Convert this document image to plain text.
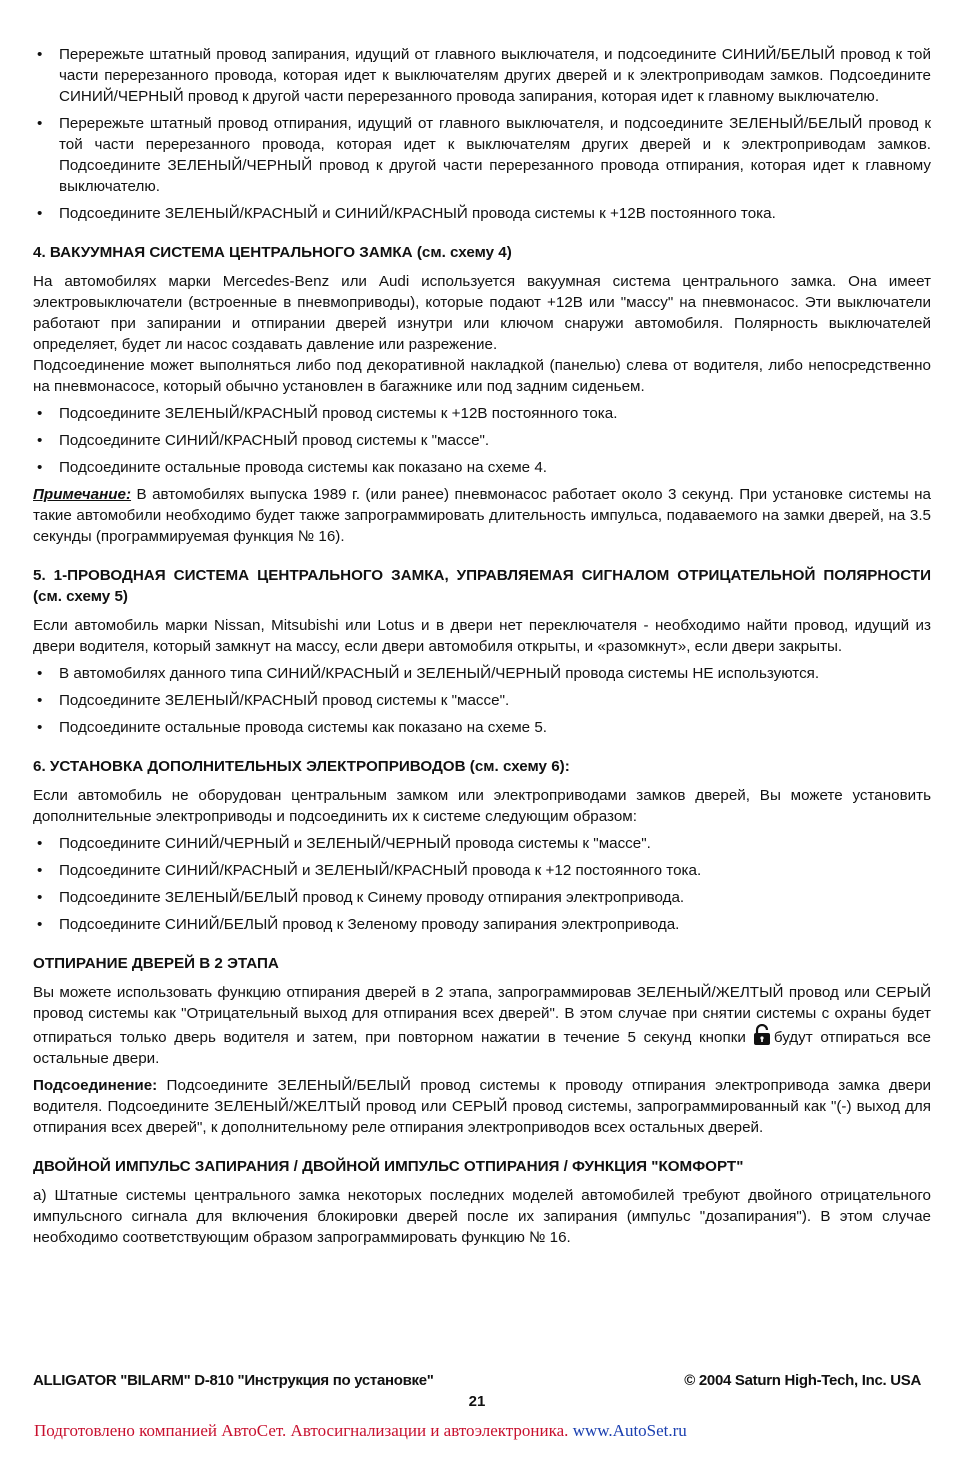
• Перережьте штатный провод запирания, идущий от главного выключателя, и подсоедините СИНИЙ/БЕЛЫЙ провод к той части перерезанного провода, которая идет к выключателям других дверей и к электроприводам замков. Подсоедините СИНИЙ/ЧЕРНЫЙ провод к другой части перерезанного провода запирания, которая идет к главному выключателю.
• Перережьте штатный провод отпирания, идущий от главного выключателя, и подсоедините ЗЕЛЕНЫЙ/БЕЛЫЙ провод к той части перерезанного провода, которая идет к выключателям других дверей и к электроприводам замков. Подсоедините ЗЕЛЕНЫЙ/ЧЕРНЫЙ провод к другой части перерезанного провода отпирания, которая идет к главному выключателю.
• Подсоедините ЗЕЛЕНЫЙ/КРАСНЫЙ и СИНИЙ/КРАСНЫЙ провода системы к +12В постоянного тока.
4. ВАКУУМНАЯ СИСТЕМА ЦЕНТРАЛЬНОГО ЗАМКА (см. схему 4)

На автомобилях марки Mercedes-Benz или Audi используется вакуумная система центрального замка. Она имеет электровыключатели (встроенные в пневмоприводы), которые подают +12В или "массу" на пневмонасос. Эти выключатели работают при запирании и отпирании дверей изнутри или ключом снаружи автомобиля. Полярность выключателей определяет, будет ли насос создавать давление или разрежение.

Подсоединение может выполняться либо под декоративной накладкой (панелью) слева от водителя, либо непосредственно на пневмонасосе, который обычно установлен в багажнике или под задним сиденьем.

• Подсоедините ЗЕЛЕНЫЙ/КРАСНЫЙ провод системы к +12В постоянного тока.
• Подсоедините СИНИЙ/КРАСНЫЙ провод системы к "массе".
• Подсоедините остальные провода системы как показано на схеме 4.

Примечание: В автомобилях выпуска 1989 г. (или ранее) пневмонасос работает около 3 секунд. При установке системы на такие автомобили необходимо будет также запрограммировать длительность импульса, подаваемого на замки дверей, на 3.5 секунды (программируемая функция № 16).

5. 1-ПРОВОДНАЯ СИСТЕМА ЦЕНТРАЛЬНОГО ЗАМКА, УПРАВЛЯЕМАЯ СИГНАЛОМ ОТРИЦАТЕЛЬНОЙ ПОЛЯРНОСТИ (см. схему 5)

Если автомобиль марки Nissan, Mitsubishi или Lotus и в двери нет переключателя - необходимо найти провод, идущий из двери водителя, который замкнут на массу, если двери автомобиля открыты, и «разомкнут», если двери закрыты.

• В автомобилях данного типа СИНИЙ/КРАСНЫЙ и ЗЕЛЕНЫЙ/ЧЕРНЫЙ провода системы НЕ используются.
• Подсоедините ЗЕЛЕНЫЙ/КРАСНЫЙ провод системы к "массе".
• Подсоедините остальные провода системы как показано на схеме 5.
6. УСТАНОВКА ДОПОЛНИТЕЛЬНЫХ ЭЛЕКТРОПРИВОДОВ (см. схему 6):

Если автомобиль не оборудован центральным замком или электроприводами замков дверей, Вы можете установить дополнительные электроприводы и подсоединить их к системе следующим образом:

• Подсоедините СИНИЙ/ЧЕРНЫЙ и ЗЕЛЕНЫЙ/ЧЕРНЫЙ провода системы к "массе".
• Подсоедините СИНИЙ/КРАСНЫЙ и ЗЕЛЕНЫЙ/КРАСНЫЙ провода к +12 постоянного тока.
• Подсоедините ЗЕЛЕНЫЙ/БЕЛЫЙ провод к Синему проводу отпирания электропривода.
• Подсоедините СИНИЙ/БЕЛЫЙ провод к Зеленому проводу запирания электропривода.
ОТПИРАНИЕ ДВЕРЕЙ В 2 ЭТАПА

Вы можете использовать функцию отпирания дверей в 2 этапа, запрограммировав ЗЕЛЕНЫЙ/ЖЕЛТЫЙ провод или СЕРЫЙ провод системы как "Отрицательный выход для отпирания всех дверей". В этом случае при снятии системы с охраны будет отпираться только дверь водителя и затем, при повторном нажатии в течение 5 секунд кнопки будут отпираться все остальные двери.

Подсоединение: Подсоедините ЗЕЛЕНЫЙ/БЕЛЫЙ провод системы к проводу отпирания электропривода замка двери водителя. Подсоедините ЗЕЛЕНЫЙ/ЖЕЛТЫЙ провод или СЕРЫЙ провод системы, запрограммированный как "(-) выход для отпирания всех дверей", к дополнительному реле отпирания электроприводов всех остальных дверей.

ДВОЙНОЙ ИМПУЛЬС ЗАПИРАНИЯ / ДВОЙНОЙ ИМПУЛЬС ОТПИРАНИЯ / ФУНКЦИЯ "КОМФОРТ"

а) Штатные системы центрального замка некоторых последних моделей автомобилей требуют двойного отрицательного импульсного сигнала для включения блокировки дверей после их запирания (импульс "дозапирания"). В этом случае необходимо соответствующим образом запрограммировать функцию № 16.

ALLIGATOR "BILARM" D-810 "Инструкция по установке"	© 2004 Saturn High-Tech, Inc. USA
21
Подготовлено компанией АвтоСет. Автосигнализации и автоэлектроника. www.AutoSet.ru
